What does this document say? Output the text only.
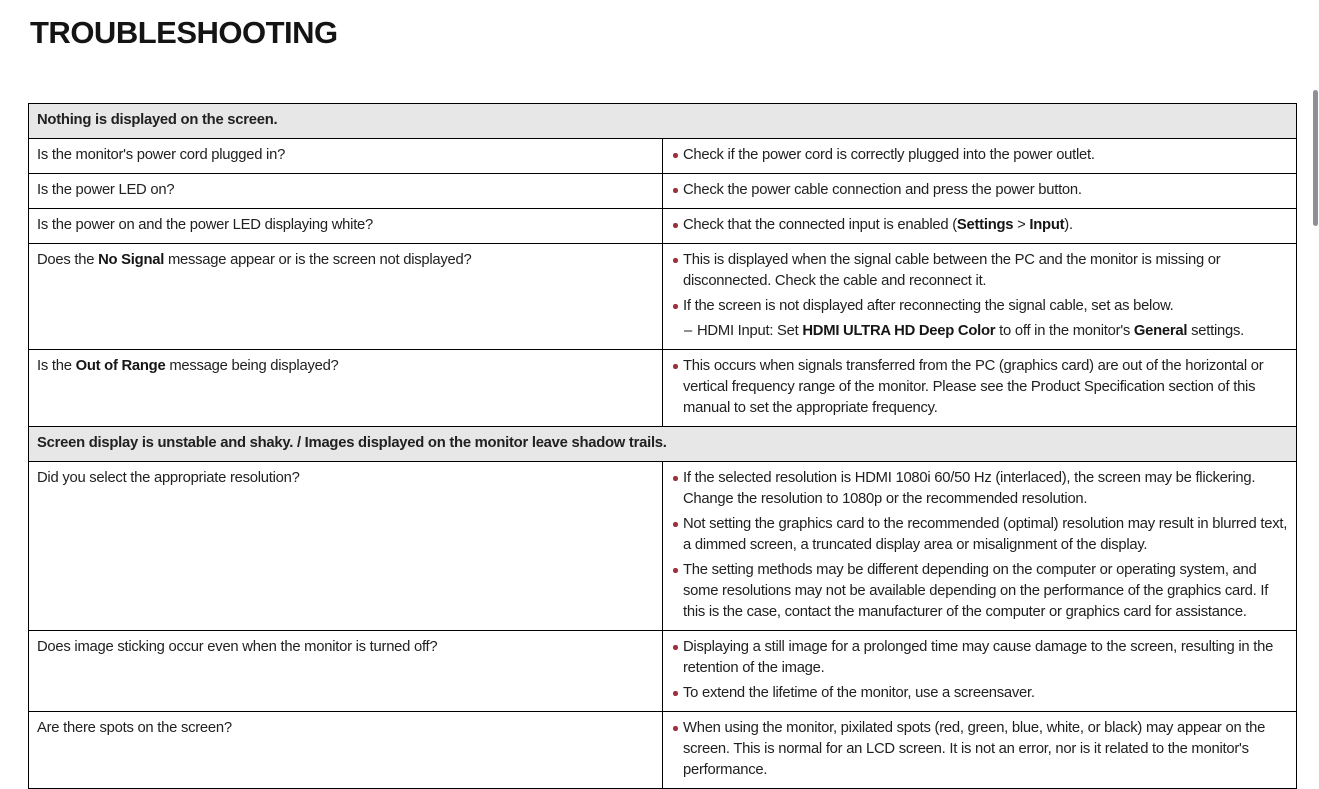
TROUBLESHOOTING
Nothing is displayed on the screen.	
Is the monitor's power cord plugged in?	Check if the power cord is correctly plugged into the power outlet.

Is the power LED on?	Check the power cable connection and press the power button.

Is the power on and the power LED displaying white?	Check that the connected input is enabled (Settings > Input).

Does the No Signal message appear or is the screen not displayed?	This is displayed when the signal cable between the PC and the monitor is missing or disconnected. Check the cable and reconnect it.
If the screen is not displayed after reconnecting the signal cable, set as below.
– HDMI Input: Set HDMI ULTRA HD Deep Color to off in the monitor's General settings.

Is the Out of Range message being displayed?	This occurs when signals transferred from the PC (graphics card) are out of the horizontal or vertical frequency range of the monitor. Please see the Product Specification section of this manual to set the appropriate frequency.

Screen display is unstable and shaky. / Images displayed on the monitor leave shadow trails.	
Did you select the appropriate resolution?	If the selected resolution is HDMI 1080i 60/50 Hz (interlaced), the screen may be flickering. Change the resolution to 1080p or the recommended resolution.
Not setting the graphics card to the recommended (optimal) resolution may result in blurred text, a dimmed screen, a truncated display area or misalignment of the display.
The setting methods may be different depending on the computer or operating system, and some resolutions may not be available depending on the performance of the graphics card. If this is the case, contact the manufacturer of the computer or graphics card for assistance.

Does image sticking occur even when the monitor is turned off?	Displaying a still image for a prolonged time may cause damage to the screen, resulting in the retention of the image.
To extend the lifetime of the monitor, use a screensaver.

Are there spots on the screen?	When using the monitor, pixilated spots (red, green, blue, white, or black) may appear on the screen. This is normal for an LCD screen. It is not an error, nor is it related to the monitor's performance.
